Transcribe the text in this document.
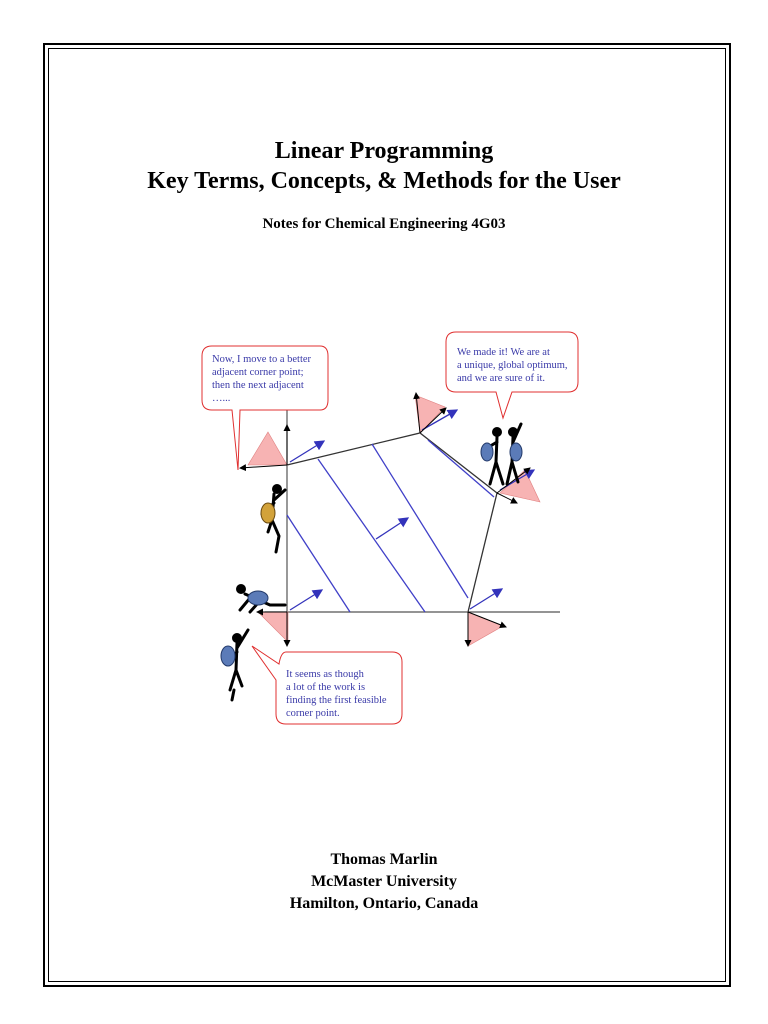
Linear Programming
Key Terms, Concepts, & Methods for the User
Notes for Chemical Engineering 4G03
Now, I move to a better
adjacent corner point;
then the next adjacent
…...
We made it! We are at
a unique, global optimum,
and we are sure of it.
It seems as though
a lot of the work is
finding the first feasible
corner point.
Thomas Marlin
McMaster University
Hamilton, Ontario, Canada
